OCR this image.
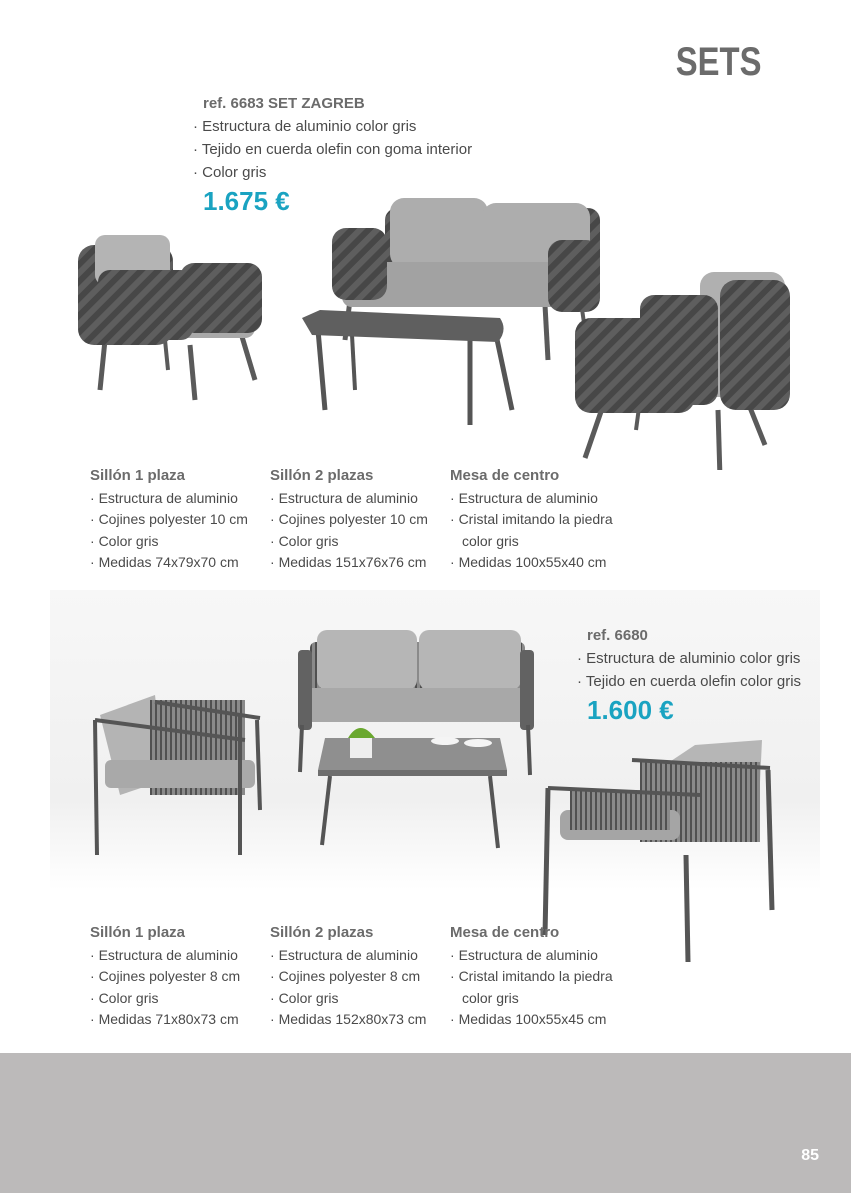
SETS
ref. 6683 SET ZAGREB
· Estructura de aluminio color gris
· Tejido en cuerda olefin con goma interior
· Color gris
1.675 €
Sillón 1 plaza
· Estructura de aluminio
· Cojines polyester 10 cm
· Color gris
· Medidas 74x79x70 cm
Sillón 2 plazas
· Estructura de aluminio
· Cojines polyester 10 cm
· Color gris
· Medidas 151x76x76 cm
Mesa de centro
· Estructura de aluminio
· Cristal imitando la piedra
color gris
· Medidas 100x55x40 cm
ref. 6680
· Estructura de aluminio color gris
· Tejido en cuerda olefin color gris
1.600 €
Sillón 1 plaza
· Estructura de aluminio
· Cojines polyester 8 cm
· Color gris
· Medidas 71x80x73 cm
Sillón 2 plazas
· Estructura de aluminio
· Cojines polyester 8 cm
· Color gris
· Medidas 152x80x73 cm
Mesa de centro
· Estructura de aluminio
· Cristal imitando la piedra
color gris
· Medidas 100x55x45 cm
85
